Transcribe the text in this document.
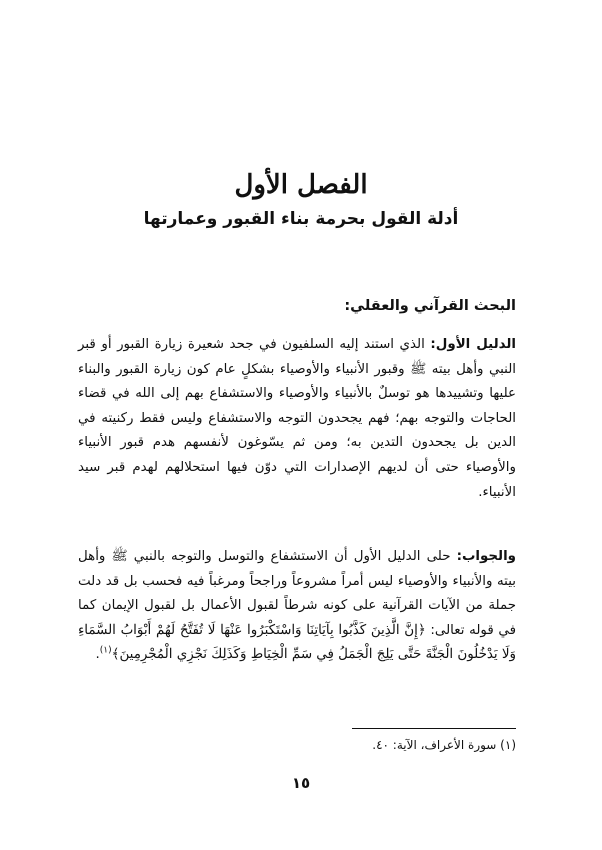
الفصل الأول
أدلة القول بحرمة بناء القبور وعمارتها
البحث القرآني والعقلي:
الدليل الأول: الذي استند إليه السلفيون في جحد شعيرة زيارة القبور أو قبر النبي وأهل بيته ﷺ وقبور الأنبياء والأوصياء بشكلٍ عام كون زيارة القبور والبناء عليها وتشييدها هو توسلٌ بالأنبياء والأوصياء والاستشفاع بهم إلى الله في قضاء الحاجات والتوجه بهم؛ فهم يجحدون التوجه والاستشفاع وليس فقط ركنيته في الدين بل يجحدون التدين به؛ ومن ثم يسّوغون لأنفسهم هدم قبور الأنبياء والأوصياء حتى أن لديهم الإصدارات التي دوّن فيها استحلالهم لهدم قبر سيد الأنبياء.
والجواب: حلى الدليل الأول أن الاستشفاع والتوسل والتوجه بالنبي ﷺ وأهل بيته والأنبياء والأوصياء ليس أمراً مشروعاً وراجحاً ومرغباً فيه فحسب بل قد دلت جملة من الآيات القرآنية على كونه شرطاً لقبول الأعمال بل لقبول الإيمان كما في قوله تعالى: ﴿إِنَّ الَّذِينَ كَذَّبُوا بِآيَاتِنَا وَاسْتَكْبَرُوا عَنْهَا لَا تُفَتَّحُ لَهُمْ أَبْوَابُ السَّمَاءِ وَلَا يَدْخُلُونَ الْجَنَّةَ حَتَّى يَلِجَ الْجَمَلُ فِي سَمِّ الْخِيَاطِ وَكَذَلِكَ نَجْزِي الْمُجْرِمِينَ﴾$^{(١)}$.
(١) سورة الأعراف، الآية: ٤٠.
١٥
